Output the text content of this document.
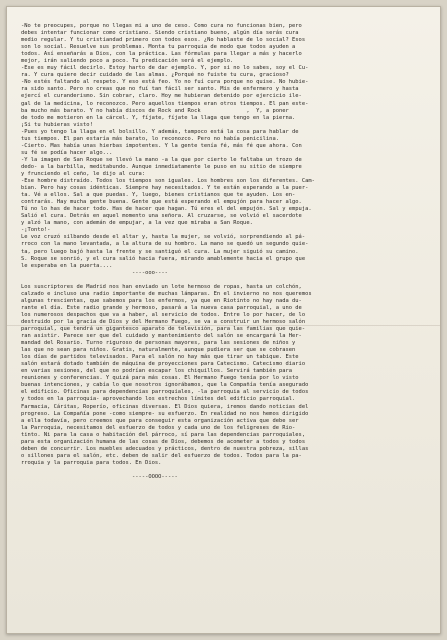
-No te preocupes, porque no llegas mi a uno de ceso. Como cura no funcionas bien, pero
debes intentar funcionar como cristiano. Siendo cristiano bueno, algún día serás cura
medio regular. Y tu cristiandad primero con todos esos. ¿No hablaste de lo social? Esos
son lo social. Resuelve sus problemas. Monta tu parroquia de modo que todos ayuden a
todos. Así enseñarás a Dios, con la práctica. Las fórmulas para llegar a más y hacerlo
mejor, irán saliendo poco a poco. Tu predicación será el ejemplo.
-Ese es muy fácil decirlo. Estoy harto de dar ejemplo. Y, por si no lo sabes, soy el Cu-
ra. Y cura quiere decir cuidado de las almas. ¿Porqué no fuiste tu cura, gracioso?
-No estés faltando al respeto. Y eso está feo. Yo no fuí cura porque no quise. No hubie-
ra sido santo. Pero no creas que no fuí tan fácil ser santo. Mis de enfermero y hasta
ejercí el curanderismo. Sin cobrar, claro. Hoy me hubieran detenido por ejercicio ile-
gal de la medicina, lo reconozco. Pero aquellos tiempos eran otros tiempos. El pan este-
ba mucho más barato. Y no había discos de Rock and Rock              ,  Y, a poner
de todo me motieron en la cárcel. Y, fíjate, fíjate la llaga que tengo en la pierna.
¡Si tu hubieras visto!
-Pues yo tengo la llaga en el bolsillo. Y además, tampoco está la cosa para hablar de
tus tiempos. El pan estaría más barato, lo reconozco. Pero no había penicilina.
-Cierto. Mas había unas hierbas impotentes. Y la gente tenía fé, más fé que ahora. Con
su fé se podía hacer algo...
-Y la imagen de San Roque se llevó la mano -a la que por cierto le faltaba un trozo de
dedo- a la barbilla, meditabundo. Aunque inmediatamente le puso en su sitio de siempre
y frunciendo el ceño, le dijo al cura:
-Ese hombre distraído. Todos los tiempos son iguales. Los hombres son los diferentes. Cam-
bian. Pero hay cosas idénticas. Siempre hay necesitados. Y te están esperando a la puer-
ta. Vé a ellos. Sal a que puedas. Y, luego, bienes cristianos que te ayuden. Los en-
contrarás. Hay mucha gente buena. Gente que está esperando el empujón para hacer algo.
Tú no lo has de hacer todo. Has de hacer que hagan. Tú eres el del empujón. Sal y empuja.
Salió el cura. Detrás en aquel momento una señora. Al cruzarse, se volvió el sacerdote
y alzó la mano, con ademán de empujar, a la vez que miraba a San Roque.
-¡Tonto!-
Le voz cruzó silbando desde el altar y, hasta la mujer, se volvió, sorprendiendo al pá-
rroco con la mano levantada, a la altura de su hombro. La mano se quedó un segundo quie-
ta, pero luego bajó hasta la frente y se santiguó el cura. La mujer siguió su camino.
S. Roque se sonrió, y el cura salió hacia fuera, mirando amablemente hacia el grupo que
le esperaba en la puerta....
----ooo----
Los suscriptores de Madrid nos han enviado un lote hermoso de ropas, hasta un colchón,
calzado e incluso una radio importante de muchas lámparas. En el invierno no nos queremos
algunas trescientas, que sabemos para los enfermos, ya que en Riotinto no hay nada du-
rante el día. Este radio grande y hermoso, pasará a la nueva casa parroquial, a uno de
los numerosos despachos que va a haber, al servicio de todos. Entre lo por hacer, de lo
destruido por la gracia de Dios y del Hermano Fuego, se va a construir un hermoso salón
parroquial, que tendrá un gigantesco aparato de televisión, para las familias que quie-
ran asistir. Parece ser que del cuidado y mantenimiento del salón se encargará la Her-
mandad del Rosario. Turno riguroso de personas mayores, para las sesiones de niños y
las que no sean para niños. Gratis, naturalmente, aunque pudiera ser que se cobrasen
los días de partidos televisados. Para el salón no hay más que tirar un tabique. Este
salón estará dotado también de máquina de proyecciones para Catecismo. Catecismo diario
en varias sesiones, del que no podrían escapar los chiquillos. Servirá también para
reuniones y conferencias. Y quizá para más cosas. El Hermano Fuego tenía por lo visto
buenas intenciones, y cabía lo que nosotros ignorábamos, que la Compañía tenía asegurado
el edificio. Oficinas para dependencias parroquiales, -la parroquia al servicio de todos
y todos en la parroquia- aprovechando los estrechos límites del edificio parroquial.
Farmacia, Cáritas, Roperío, oficinas diversas. El Dios quiera, iremos dando noticias del
progreso. La Compañía pone -como siempre- su esfuerzo. En realidad no nos hemos dirigido
a ella todavía, pero creemos que para conseguir esta organización activa que debe ser
la Parroquia, necesitamos del esfuerzo de todos y cada uno de los feligreses de Rio-
tinto. Ni para la casa o habitación del párroco, sí para las dependencias parroquiales,
para esta organización humana de las cosas de Dios, debemos de acometer a todos y todos
deben de concurrir. Los muebles adecuados y prácticos, dentro de nuestra pobreza, sillas
o sillones para el salón, etc. deben de salir del esfuerzo de todos. Todos para la pa-
rroquia y la parroquia para todos. En Dios.
-----OOOO-----
